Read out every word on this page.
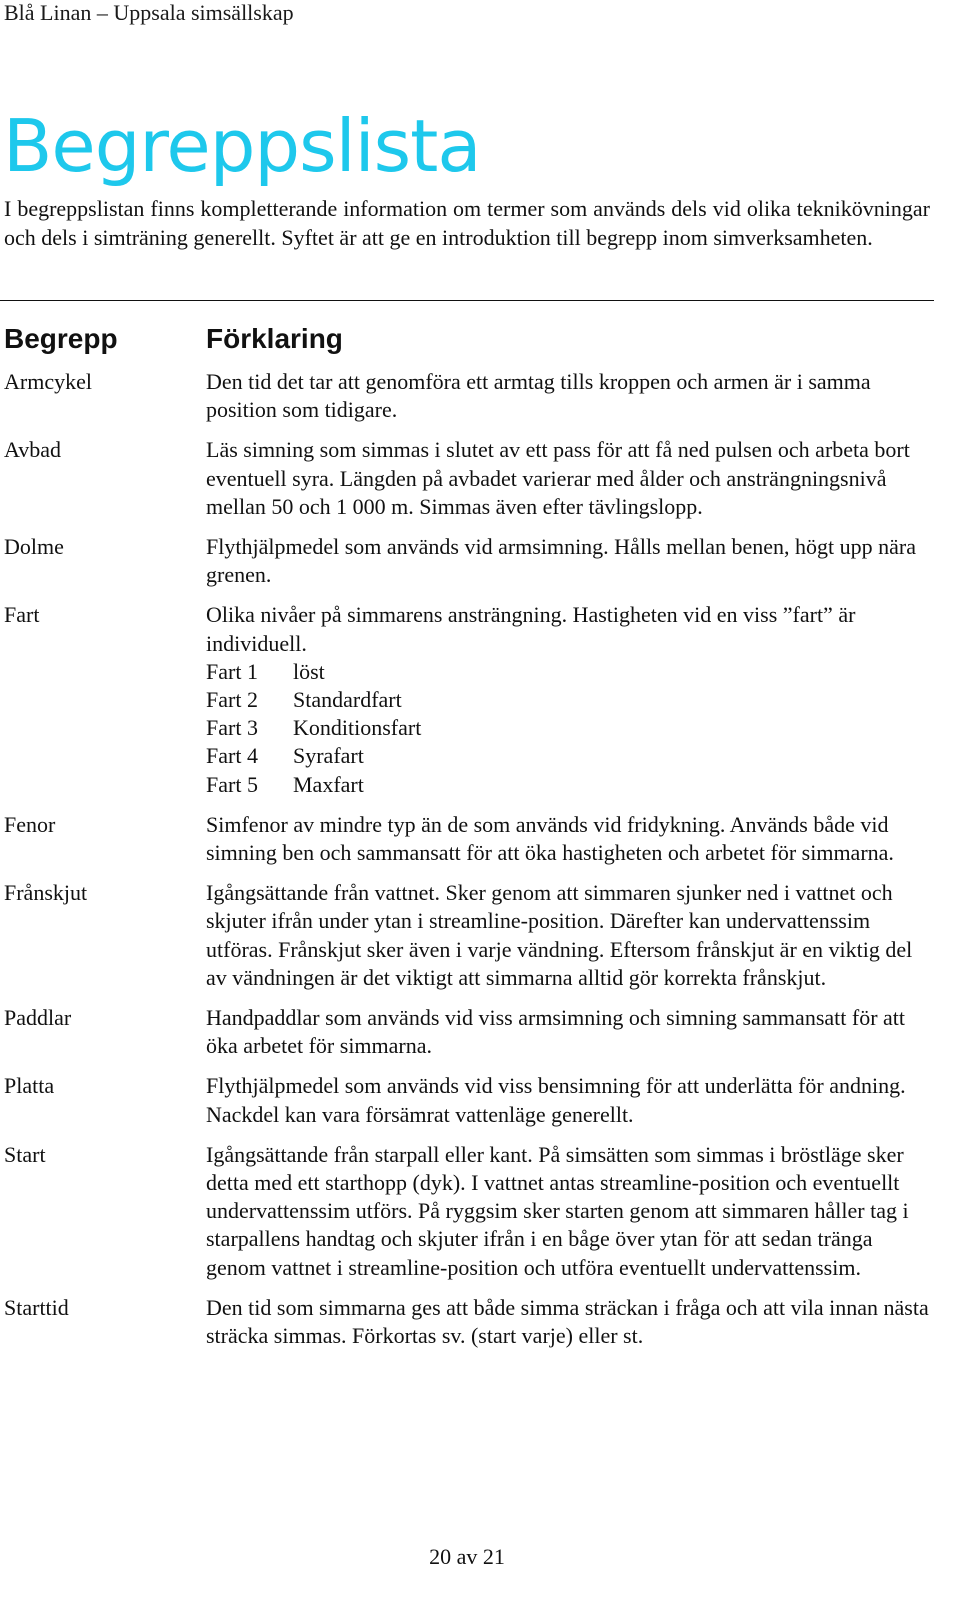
Blå Linan – Uppsala simsällskap
Begreppslista

I begreppslistan finns kompletterande information om termer som används dels vid olika teknikövningar och dels i simträning generellt. Syftet är att ge en introduktion till begrepp inom simverksamheten.

Begrepp	Förklaring
Armcykel	Den tid det tar att genomföra ett armtag tills kroppen och armen är i samma position som tidigare.
Avbad	Läs simning som simmas i slutet av ett pass för att få ned pulsen och arbeta bort eventuell syra. Längden på avbadet varierar med ålder och ansträngningsnivå mellan 50 och 1 000 m. Simmas även efter tävlingslopp.
Dolme	Flythjälpmedel som används vid armsimning. Hålls mellan benen, högt upp nära grenen.
Fart	Olika nivåer på simmarens ansträngning. Hastigheten vid en viss ”fart” är individuell.
Fart 1	löst
Fart 2	Standardfart
Fart 3	Konditionsfart
Fart 4	Syrafart
Fart 5	Maxfart
Fenor	Simfenor av mindre typ än de som används vid fridykning. Används både vid simning ben och sammansatt för att öka hastigheten och arbetet för simmarna.
Frånskjut	Igångsättande från vattnet. Sker genom att simmaren sjunker ned i vattnet och skjuter ifrån under ytan i streamline-position. Därefter kan undervattenssim utföras. Frånskjut sker även i varje vändning. Eftersom frånskjut är en viktig del av vändningen är det viktigt att simmarna alltid gör korrekta frånskjut.
Paddlar	Handpaddlar som används vid viss armsimning och simning sammansatt för att öka arbetet för simmarna.
Platta	Flythjälpmedel som används vid viss bensimning för att underlätta för andning. Nackdel kan vara försämrat vattenläge generellt.
Start	Igångsättande från starpall eller kant. På simsätten som simmas i bröstläge sker detta med ett starthopp (dyk). I vattnet antas streamline-position och eventuellt undervattenssim utförs. På ryggsim sker starten genom att simmaren håller tag i starpallens handtag och skjuter ifrån i en båge över ytan för att sedan tränga genom vattnet i streamline-position och utföra eventuellt undervattenssim.
Starttid	Den tid som simmarna ges att både simma sträckan i fråga och att vila innan nästa sträcka simmas. Förkortas sv. (start varje) eller st.
20 av 21
